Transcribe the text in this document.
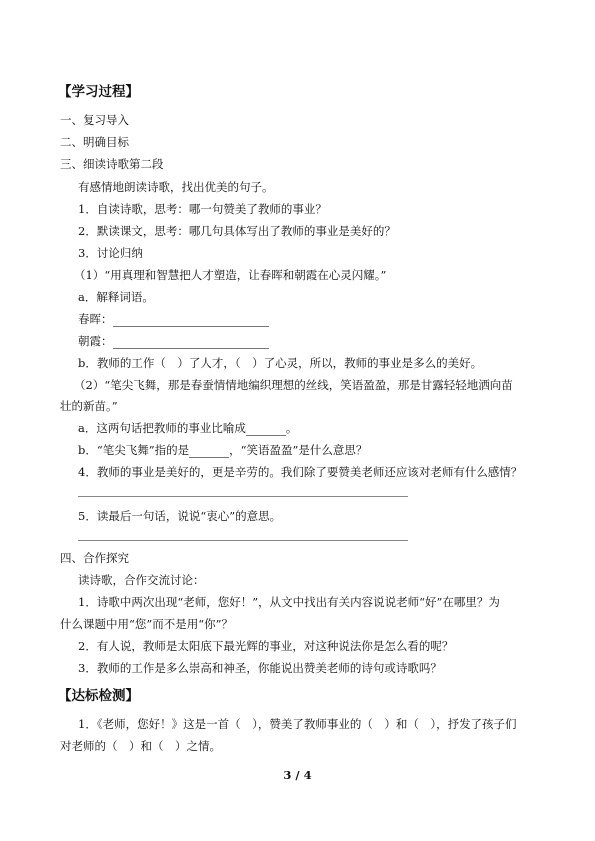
【学习过程】
一、复习导入
二、明确目标
三、细读诗歌第二段
有感情地朗读诗歌，找出优美的句子。
1．自读诗歌，思考：哪一句赞美了教师的事业？
2．默读课文，思考：哪几句具体写出了教师的事业是美好的？
3．讨论归纳
（1）“用真理和智慧把人才塑造，让春晖和朝霞在心灵闪耀。”
a．解释词语。
春晖：
朝霞：
b．教师的工作（　）了人才，（　）了心灵，所以，教师的事业是多么的美好。
（2）“笔尖飞舞，那是春蚕情情地编织理想的丝线，笑语盈盈，那是甘露轻轻地洒向苗
壮的新苗。”
a．这两句话把教师的事业比喻成	。
b．“笔尖飞舞”指的是	，“笑语盈盈”是什么意思？
4．教师的事业是美好的，更是辛劳的。我们除了要赞美老师还应该对老师有什么感情？
5．读最后一句话，说说“衷心”的意思。
四、合作探究
读诗歌，合作交流讨论：
1．诗歌中两次出现“老师，您好！”，从文中找出有关内容说说老师“好”在哪里？为
什么课题中用“您”而不是用“你”？
2．有人说，教师是太阳底下最光辉的事业，对这种说法你是怎么看的呢？
3．教师的工作是多么崇高和神圣，你能说出赞美老师的诗句或诗歌吗？
【达标检测】
1．《老师，您好！》这是一首（　），赞美了教师事业的（　）和（　），抒发了孩子们
对老师的（　）和（　）之情。
3 / 4
